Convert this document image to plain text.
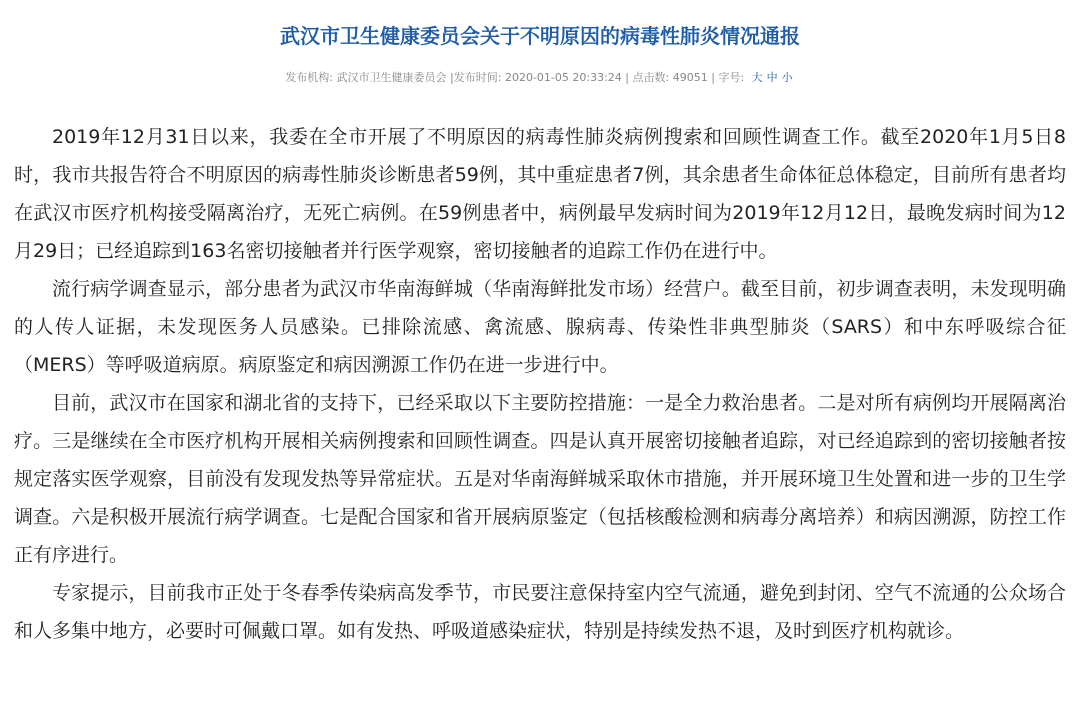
武汉市卫生健康委员会关于不明原因的病毒性肺炎情况通报
发布机构: 武汉市卫生健康委员会 |发布时间: 2020-01-05 20:33:24 | 点击数: 49051 | 字号: 大 中 小

2019年12月31日以来，我委在全市开展了不明原因的病毒性肺炎病例搜索和回顾性调查工作。截至2020年1月5日8时，我市共报告符合不明原因的病毒性肺炎诊断患者59例，其中重症患者7例，其余患者生命体征总体稳定，目前所有患者均在武汉市医疗机构接受隔离治疗，无死亡病例。在59例患者中，病例最早发病时间为2019年12月12日，最晚发病时间为12月29日；已经追踪到163名密切接触者并行医学观察，密切接触者的追踪工作仍在进行中。

流行病学调查显示，部分患者为武汉市华南海鲜城（华南海鲜批发市场）经营户。截至目前，初步调查表明，未发现明确的人传人证据，未发现医务人员感染。已排除流感、禽流感、腺病毒、传染性非典型肺炎（SARS）和中东呼吸综合征（MERS）等呼吸道病原。病原鉴定和病因溯源工作仍在进一步进行中。

目前，武汉市在国家和湖北省的支持下，已经采取以下主要防控措施：一是全力救治患者。二是对所有病例均开展隔离治疗。三是继续在全市医疗机构开展相关病例搜索和回顾性调查。四是认真开展密切接触者追踪，对已经追踪到的密切接触者按规定落实医学观察，目前没有发现发热等异常症状。五是对华南海鲜城采取休市措施，并开展环境卫生处置和进一步的卫生学调查。六是积极开展流行病学调查。七是配合国家和省开展病原鉴定（包括核酸检测和病毒分离培养）和病因溯源，防控工作正有序进行。

专家提示，目前我市正处于冬春季传染病高发季节，市民要注意保持室内空气流通，避免到封闭、空气不流通的公众场合和人多集中地方，必要时可佩戴口罩。如有发热、呼吸道感染症状，特别是持续发热不退，及时到医疗机构就诊。
